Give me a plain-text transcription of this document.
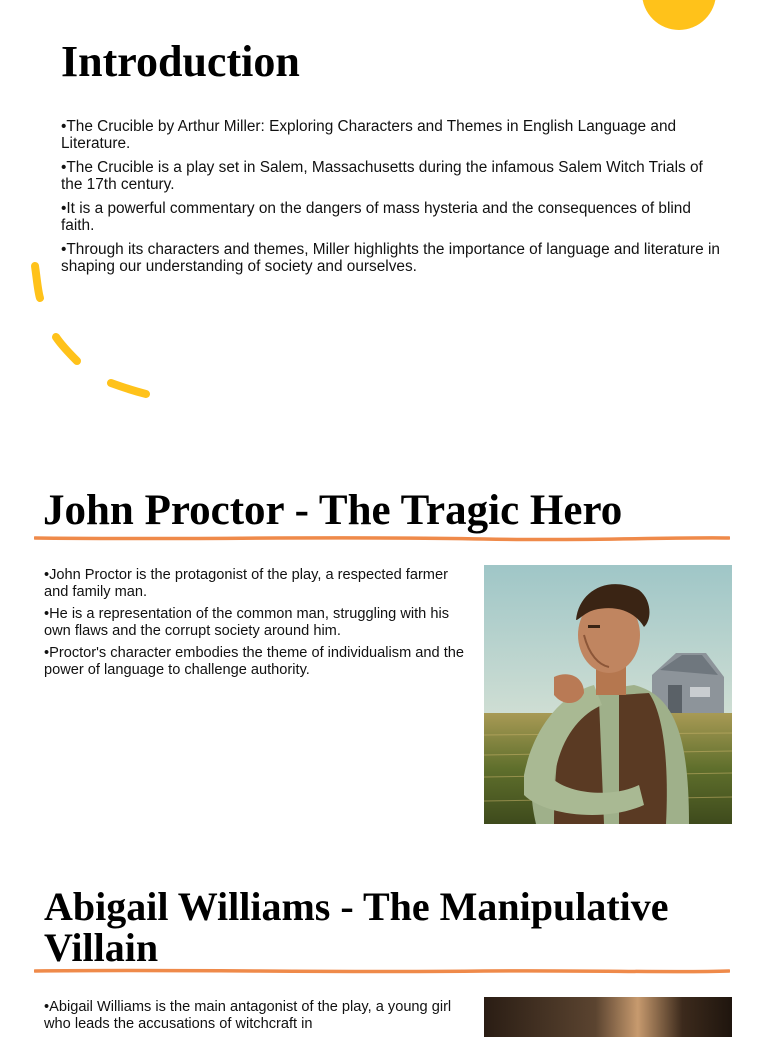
Introduction

•The Crucible by Arthur Miller: Exploring Characters and Themes in English Language and Literature.

•The Crucible is a play set in Salem, Massachusetts during the infamous Salem Witch Trials of the 17th century.

•It is a powerful commentary on the dangers of mass hysteria and the consequences of blind faith.

•Through its characters and themes, Miller highlights the importance of language and literature in shaping our understanding of society and ourselves.

John Proctor - The Tragic Hero

•John Proctor is the protagonist of the play, a respected farmer and family man.

•He is a representation of the common man, struggling with his own flaws and the corrupt society around him.

•Proctor's character embodies the theme of individualism and the power of language to challenge authority.

Abigail Williams - The Manipulative Villain

•Abigail Williams is the main antagonist of the play, a young girl who leads the accusations of witchcraft in
